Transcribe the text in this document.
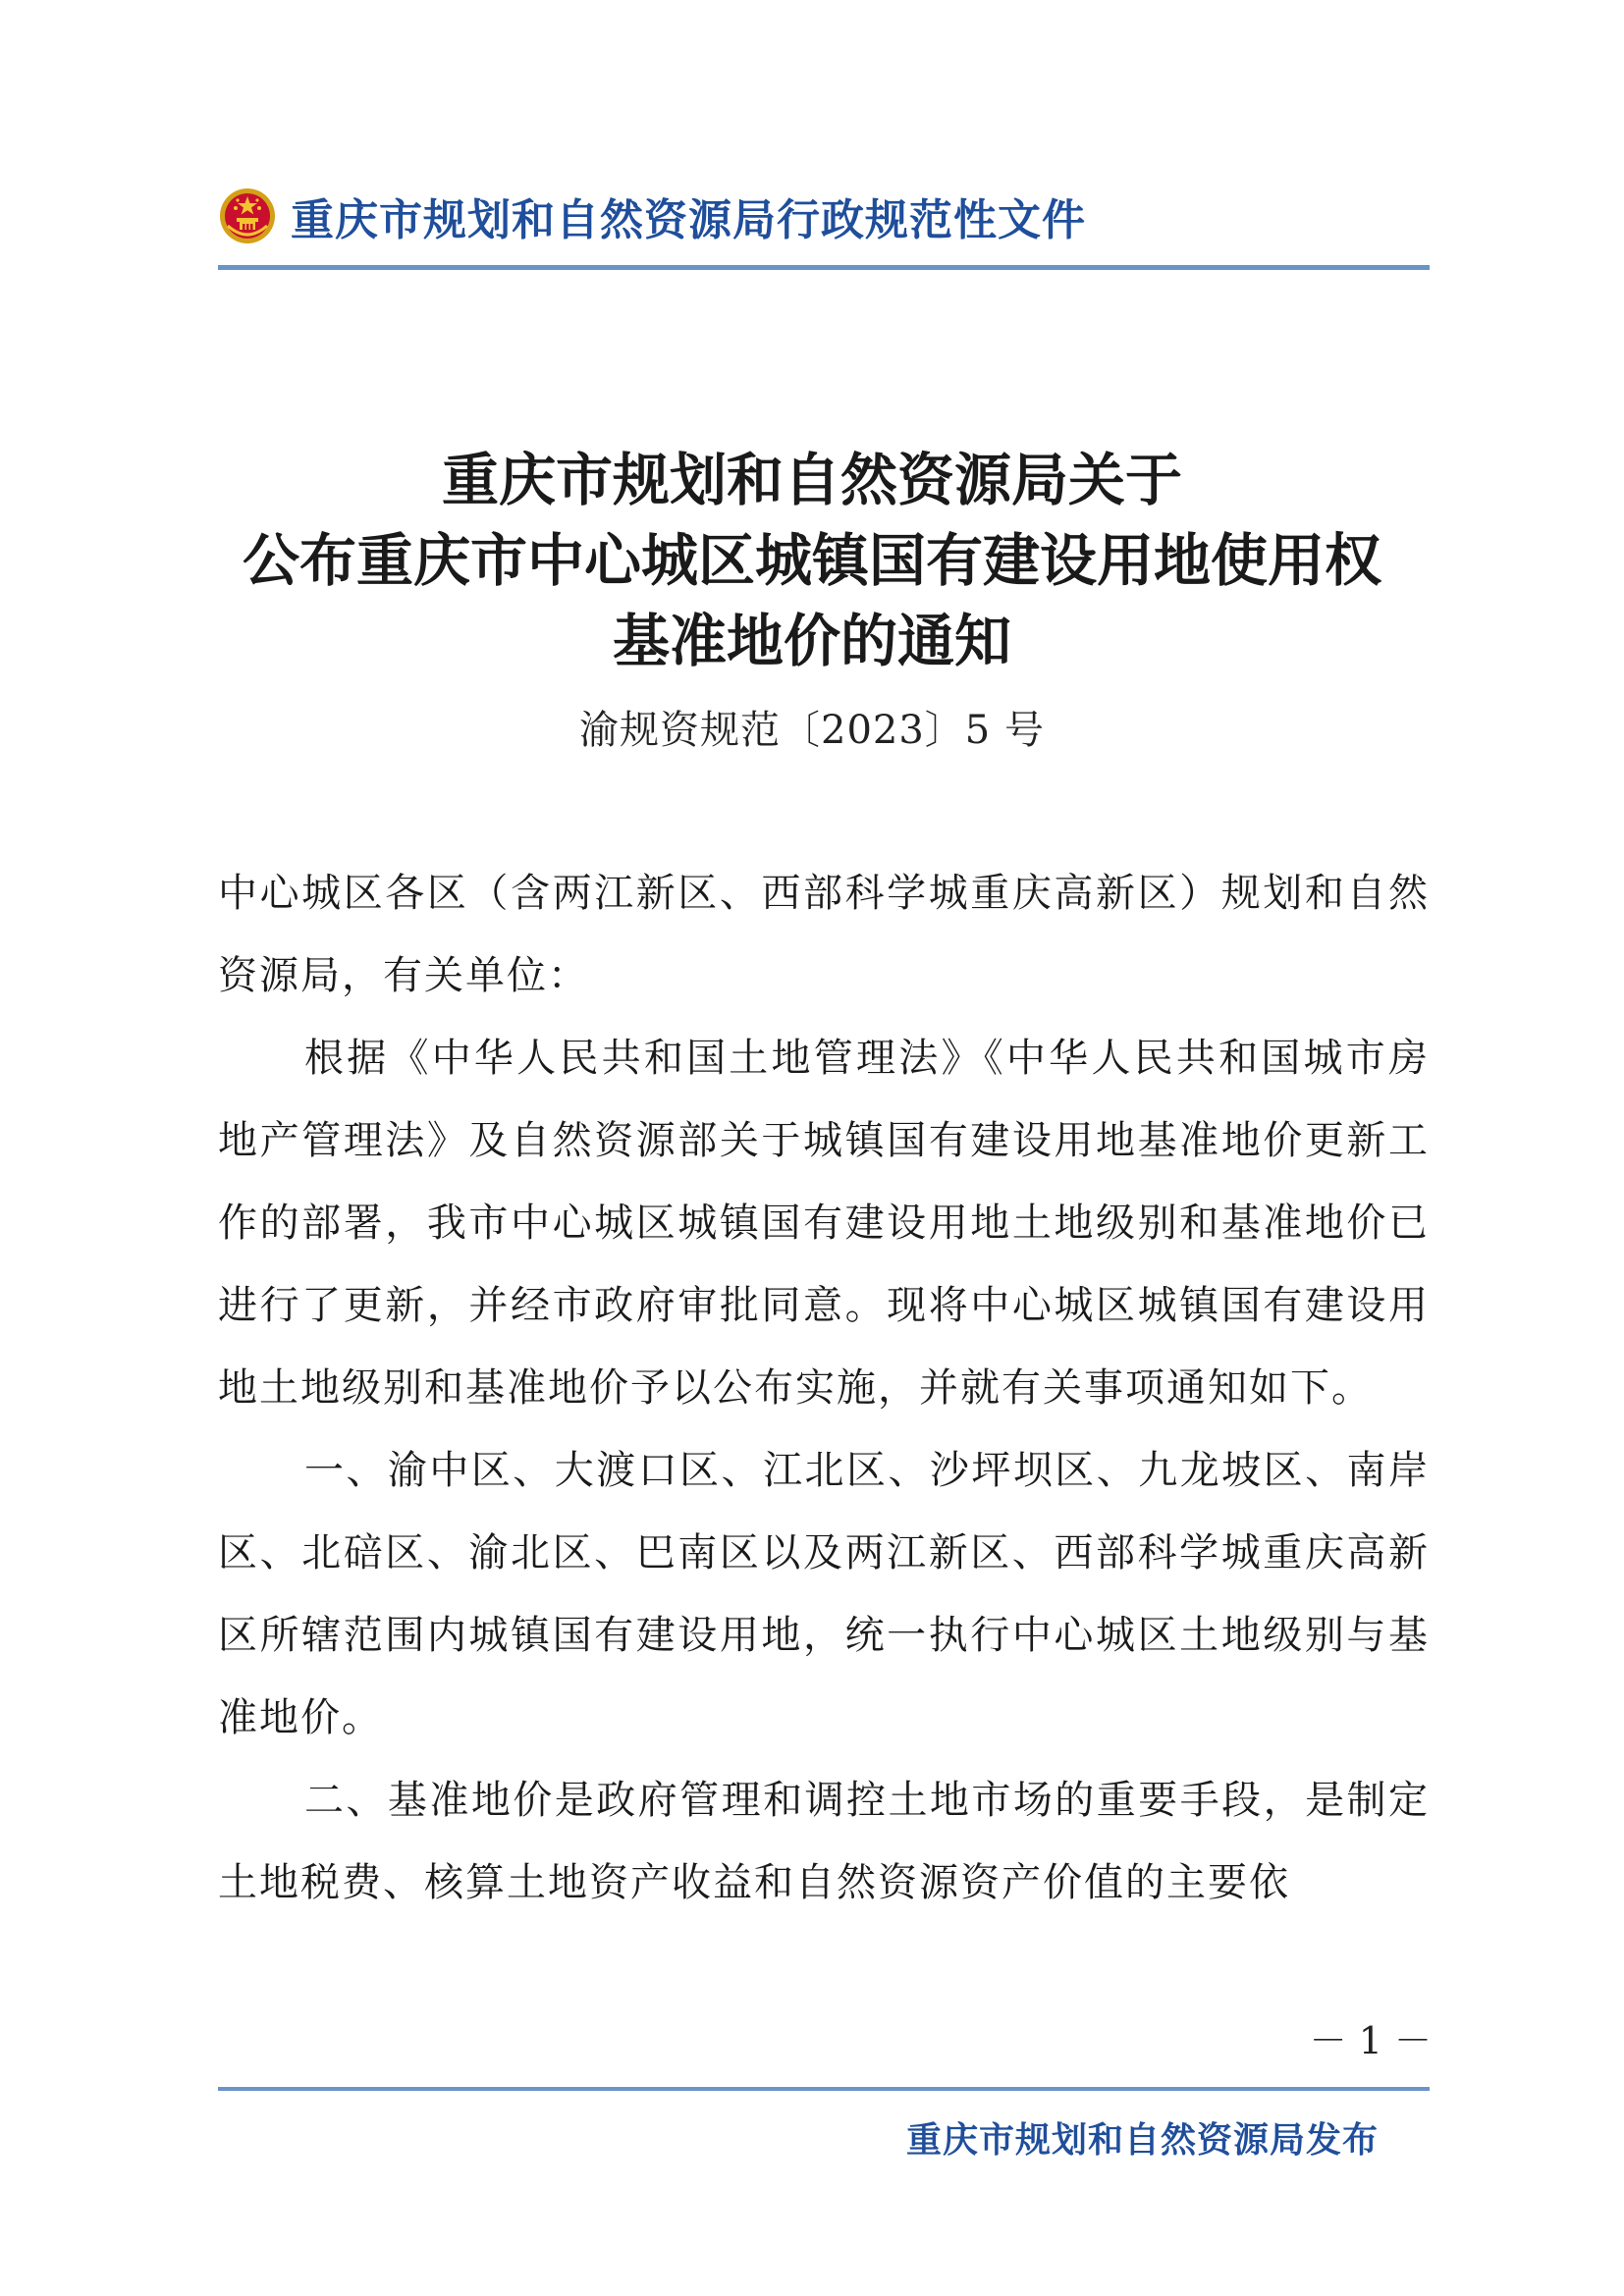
重庆市规划和自然资源局行政规范性文件
重庆市规划和自然资源局关于
公布重庆市中心城区城镇国有建设用地使用权
基准地价的通知
渝规资规范〔2023〕5 号

中心城区各区（含两江新区、西部科学城重庆高新区）规划和自然资源局，有关单位：

根据《中华人民共和国土地管理法》《中华人民共和国城市房地产管理法》及自然资源部关于城镇国有建设用地基准地价更新工作的部署，我市中心城区城镇国有建设用地土地级别和基准地价已进行了更新，并经市政府审批同意。现将中心城区城镇国有建设用地土地级别和基准地价予以公布实施，并就有关事项通知如下。

一、渝中区、大渡口区、江北区、沙坪坝区、九龙坡区、南岸区、北碚区、渝北区、巴南区以及两江新区、西部科学城重庆高新区所辖范围内城镇国有建设用地，统一执行中心城区土地级别与基准地价。

二、基准地价是政府管理和调控土地市场的重要手段，是制定土地税费、核算土地资产收益和自然资源资产价值的主要依

－ 1 －
重庆市规划和自然资源局发布
